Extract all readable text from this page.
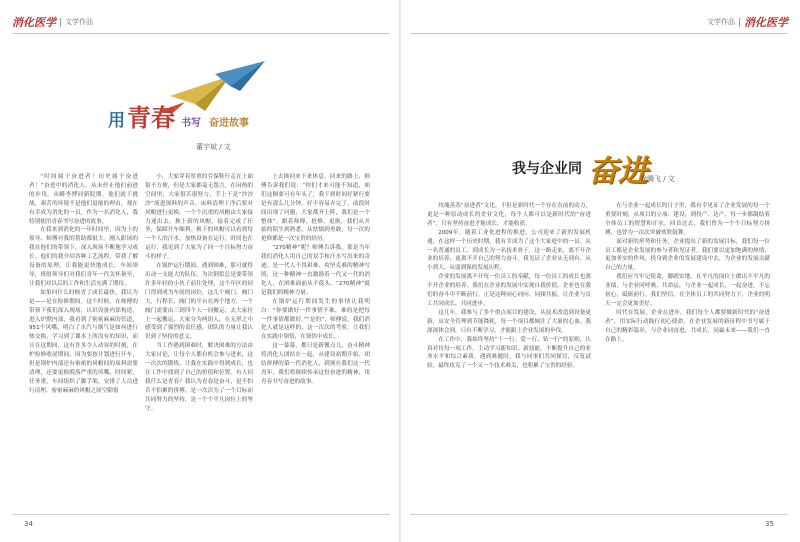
消化医学 文学作品
用 青春 书写 奋进故事
董宇斌 / 文

“时间属于奋进者！历史属于奋进者！”奋进中的消化人，从未停止他们前进的步伐。从瞬李博同新院期，他们就干挑战，艰苦的环境不是他们退缩的理由，观在有幸成为消化的一员，作为一名消化人，我特别使用青春书写奋进的故事。

在我来到消化的一年时间里，因为上的领导、师傅对我的帮助都很大。刚入职场的我在他们的带领下，深入现场不断地学习成长。他们的我介绍各种工艺流程，带我了解设备的原理，让我能更快地成长。车间领导，班组领导们对我们青年一代关怀备至，让我们对以后的工作和生活充满了期待。

如果问什么时候青了成长最快，我认为是——是在检修期间。这个时候，在师傅的带领下我们深入现场，认识设备内部构造，进入炉膛内部，我看到了密密麻麻的管道，951个风嘴，明白了水汽与烟气是如何进行热交换，学习到了课本上所没有的知识，而且在这期间，这有许多令人动容的时刻，在炉检修收尾期间，因为要按计划进行开车，但是锅炉内部还有密密的风帽间的炭料需要清理，还要更换脱落严重的风嘴，时间紧，任务重，车间组织了脚手架，安排了人员进行清理、密密麻麻的风帽之间空隙很

小，大家穿着厚重的劳保鞋行走在上面很不方便，但是大家都毫无怨言，在闷热的空间里，大家很苦很努力，手上干是“沙沙沙”流进深料的声音，床料清理干净后要对风帽进行更换，一个个沉重的风帽由大家接力递出去，换上新的风帽，接着完成了任务，保障开车顺利。换下的风帽可以看到每一个人的汗水，加热设备在运行，时间也在运行，我见到了大家为了同一个目标努力奋斗的样子。

在锅炉运行期间，遇到困难，那可就得出动一支能大的队伍，为次倒浆总是要带领许多年轻的小伙子前往处理，这个年区的同门得到成为车间的岗位，这儿个阀门，阀门大，行程长，阀门的平台在两个地方，一个阀门需要由三到四个人一同搬运，去大家拉上一起搬运，大家分为两组人，在无形之中感受到了强烈的责任感，团队的力量让我认识到了坚持的意义。

当工作遇到困难时，解决困难的方法由大家讨论，让每个人都有机会参与进来，这一次次的锻炼，让我在实践中得到成长，也在工作中找到了自己的价值和位置。有人问我什么是青春？我认为青春是奋斗，是不怕苦不怕累的拼搏，是一次次为了一个目标而共同努力的坚持，是一个个平凡岗位上的坚守。

上去换回来下来体息，回来的路上，师傅告诉我们说：“你们才来可能不知道，咱们这個要可有年头了，我干到时间好紧行要是有那么几分钟，好不容易弄完了，前段时间出现了问题，大家都齐上阵，我们是一个整体”。跟着师傅，抢修，更换，我们从开始的陌生到熟悉，从怯懦到勇敢，每一次的抢修都是一次宝贵的经历。

“270精神”呢？师傅告诉我，那是当年我们消化人用自己的双手和汗水写出来的奇迹，是一代人不畏艰难、攻坚克难的精神写照，这一种精神一直激励着一代又一代的消化人，在困难面前从不低头，“270精神”就是我们的精神力量。

在锅炉运行期间发生的事情让我明白：“你要做好一件事情不难，难的是把每一件事情都做好。”“是的”，师傅说，我们消化人就是这样的，这一次次的考验，让我们在实践中领悟，在领悟中成长。

这一幕幕，都只是新馨点儿，奋斗精神将消化人团结在一起，从建设初期开始，团结拼搏的第一代消化人，到现在我们这一代青年，我们将继续传承这份奋进的精神，用青春书写奋进的故事。

34
文学作品 消化医学
我与企业同 奋进
徐腾飞 / 文

玫瑰蒸蒸“奋进者”文化，不但是新时代一个存在直前的动力，更是一种原动成长的企业文化，每个人都可以是新时代的“奋进者”，只有坚持奋进才能成长，才能收获。

2009年，随着工业化进程的推进，公司迎来了新的发展机遇，在这样一个历史时期，我有幸成为了这个大家庭中的一员。从一名普通的员工，到成长为一名技术骨干，这一路走来，离不开企业的培养，更离不开自己的努力奋斗。我见证了企业从无到有、从小到大、从弱到强的发展历程。

企业的发展离不开每一位员工的奉献，每一位员工的成长也离不开企业的培养。我们在企业的发展中实现自我价值，企业也在我们的奋斗中不断前行。正是这种同心同向、同频共振，让企业与员工共同成长，共同进步。

这几年，我参与了多个重点项目的建设，从技术改造到设备更新，从安全管理到节能降耗，每一个项目都倾注了大量的心血。我深深体会到，只有不断学习，才能跟上企业发展的步伐。

在工作中，我始终坚持“干一行、爱一行、钻一行”的原则，认真对待每一项工作，主动学习新知识、新技能，不断提升自己的业务水平和综合素质。遇到难题时，我与同事们共同探讨，反复试验，最终攻克了一个又一个技术难关，也积累了宝贵的经验。

在与企业一起成长的日子里，我有幸见证了企业发展的每一个重要时刻，从项目的立项、建设，到投产、达产，每一步都凝结着全体员工的智慧和汗水。回首过去，我们曾为一个个目标努力拼搏，也曾为一次次突破欢欣鼓舞。

面对新的形势和任务，企业提出了新的发展目标，我们每一位员工都是企业发展的参与者和见证者，我们要以更加饱满的热情、更加务实的作风，投身到企业的发展建设中去，为企业的发展贡献自己的力量。

我们应当牢记使命，脚踏实地，在平凡的岗位上做出不平凡的业绩，与企业同呼吸、共命运，与企业一起成长，一起奋进。不忘初心，砥砺前行，我们坚信，在全体员工的共同努力下，企业的明天一定会更加美好。

时代在发展，企业在进步，我们每个人都要做新时代的“奋进者”，用实际行动践行初心使命，在企业发展的新征程中书写属于自己的精彩篇章，与企业同奋进，共成长，同赢未来——我们一直在路上。

35
